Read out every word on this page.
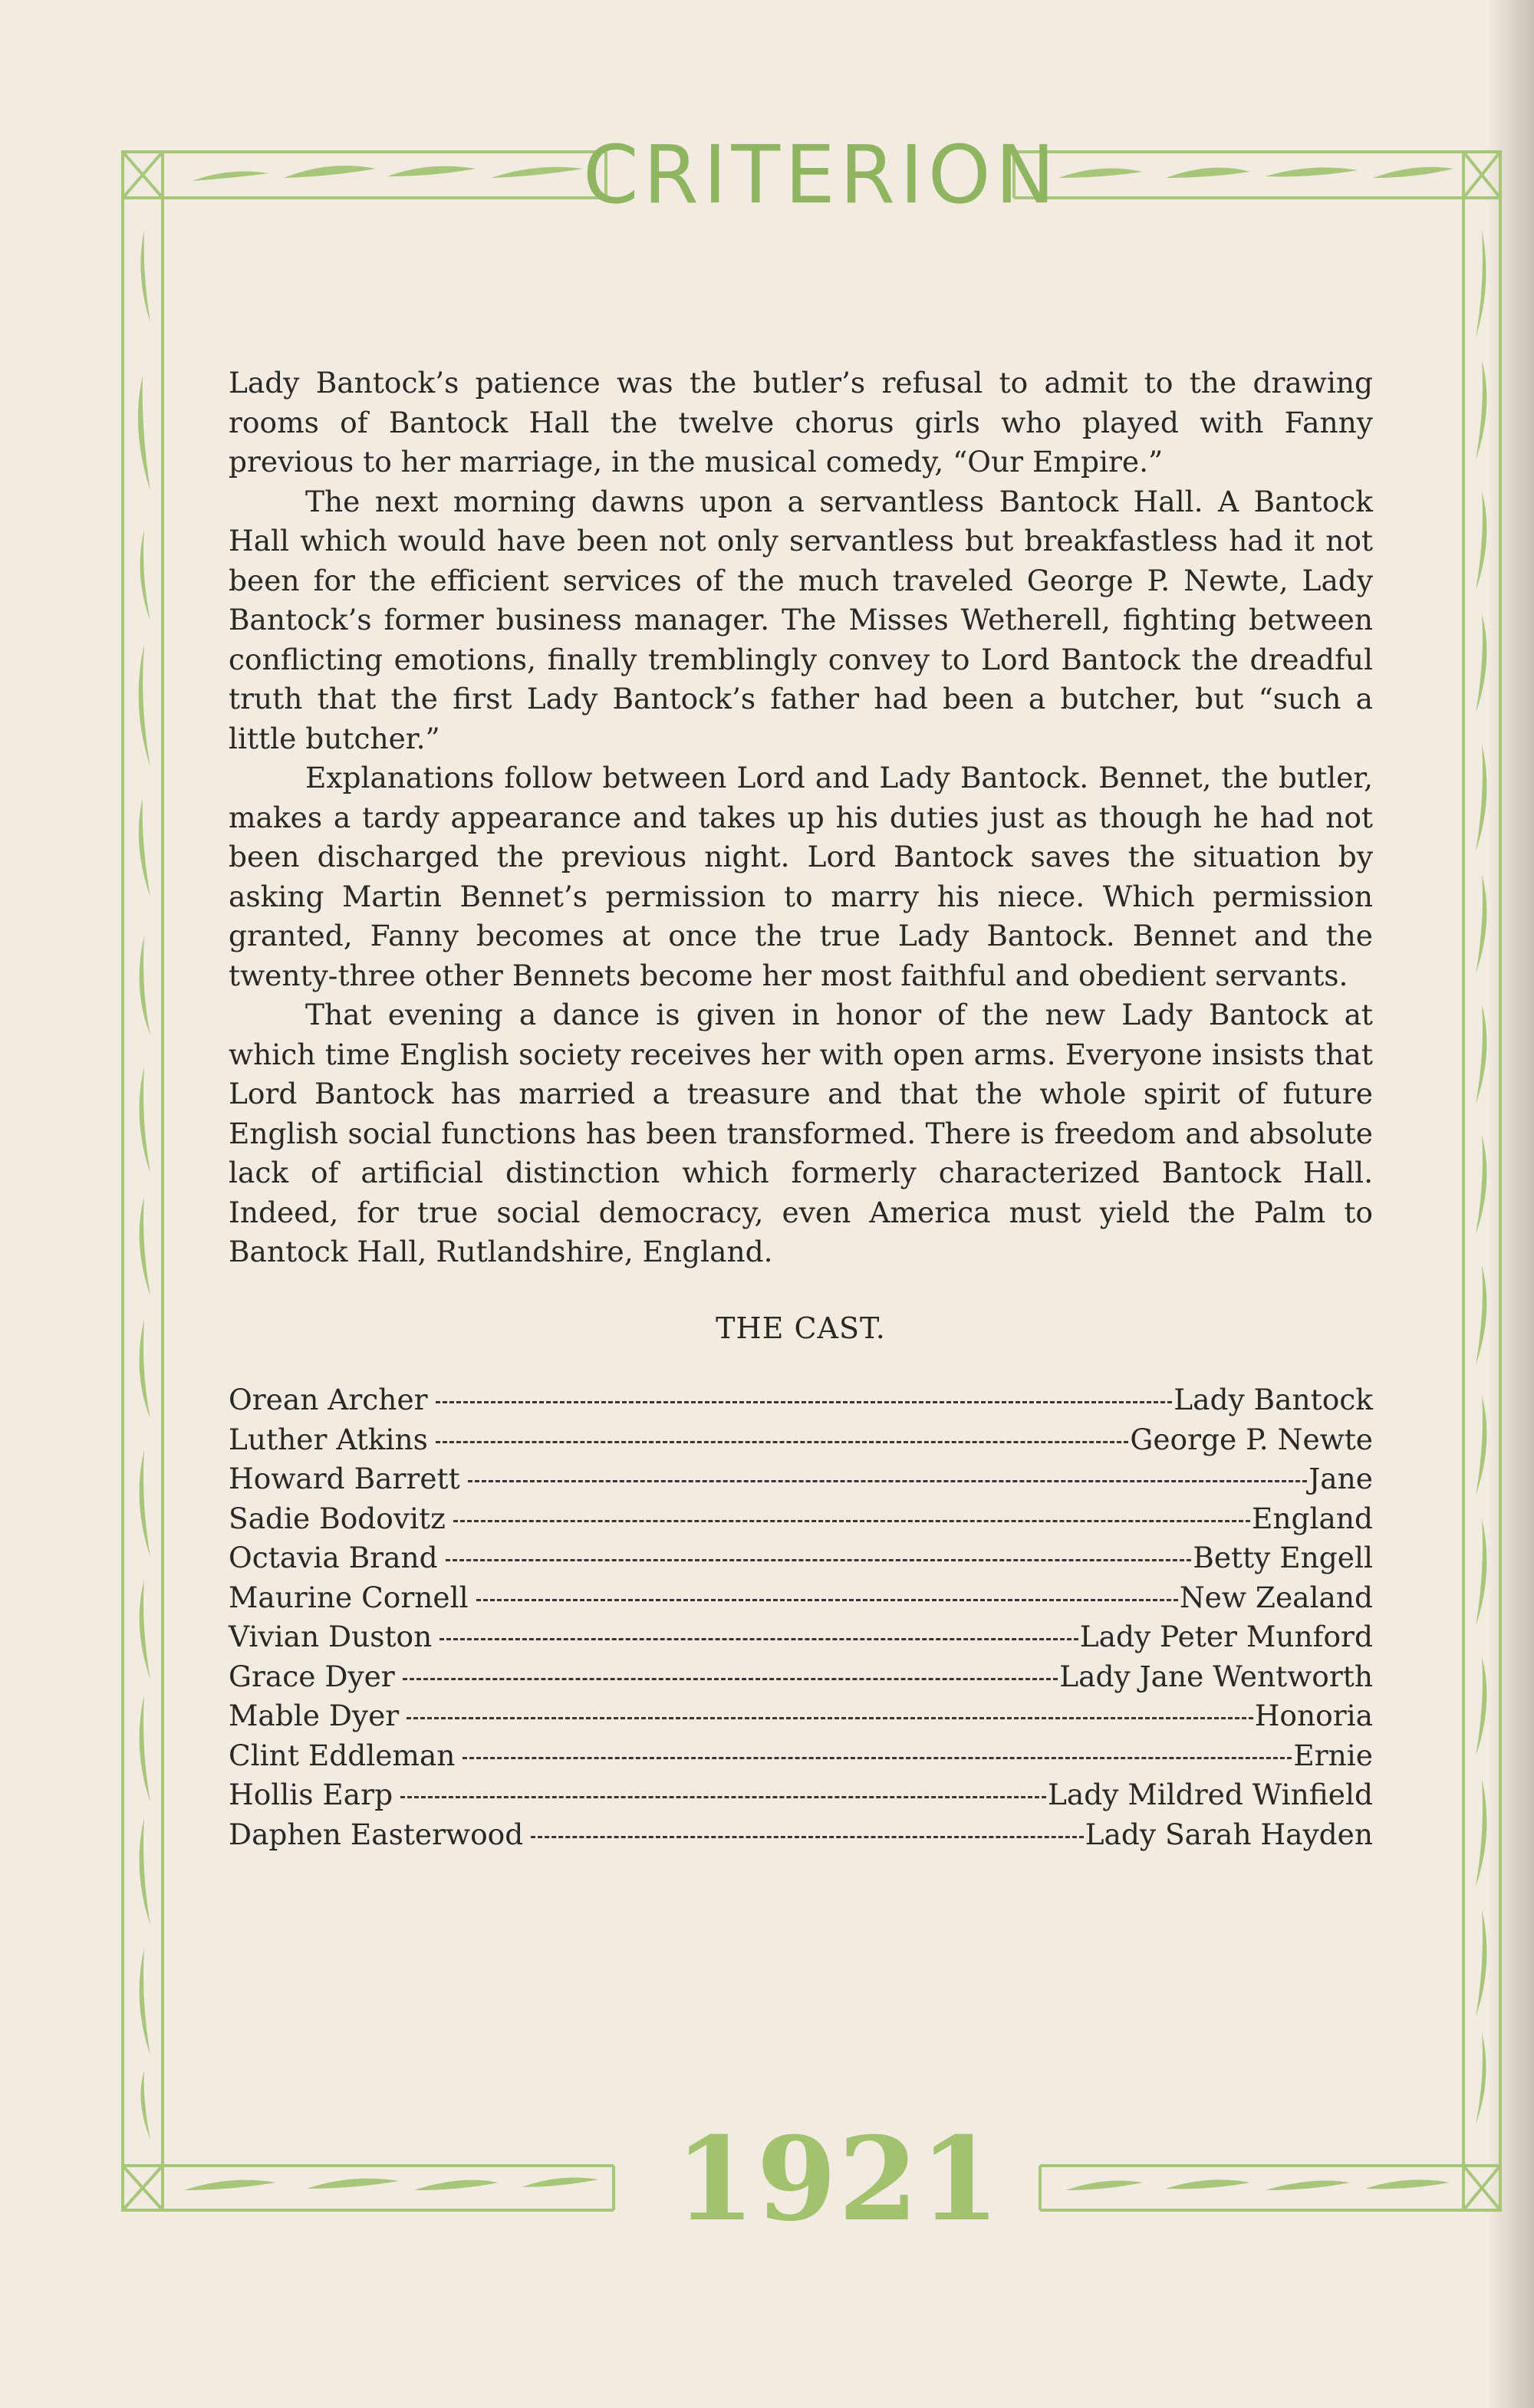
CRITERION

Lady Bantock’s patience was the butler’s refusal to admit to the drawing rooms of Bantock Hall the twelve chorus girls who played with Fanny previous to her marriage, in the musical comedy, “Our Empire.”

The next morning dawns upon a servantless Bantock Hall. A Bantock Hall which would have been not only servantless but breakfastless had it not been for the efficient services of the much traveled George P. Newte, Lady Bantock’s former business manager. The Misses Wetherell, fighting between conflicting emotions, finally tremblingly convey to Lord Bantock the dreadful truth that the first Lady Bantock’s father had been a butcher, but “such a little butcher.”

Explanations follow between Lord and Lady Bantock. Bennet, the butler, makes a tardy appearance and takes up his duties just as though he had not been discharged the previous night. Lord Bantock saves the situation by asking Martin Bennet’s permission to marry his niece. Which permission granted, Fanny becomes at once the true Lady Bantock. Bennet and the twenty-three other Bennets become her most faithful and obedient servants.

That evening a dance is given in honor of the new Lady Bantock at which time English society receives her with open arms. Everyone insists that Lord Bantock has married a treasure and that the whole spirit of future English social functions has been transformed. There is freedom and absolute lack of artificial distinction which formerly characterized Bantock Hall. Indeed, for true social democracy, even America must yield the Palm to Bantock Hall, Rutlandshire, England.

THE CAST.
Orean Archer	Lady Bantock
Luther Atkins	George P. Newte
Howard Barrett	Jane
Sadie Bodovitz	England
Octavia Brand	Betty Engell
Maurine Cornell	New Zealand
Vivian Duston	Lady Peter Munford
Grace Dyer	Lady Jane Wentworth
Mable Dyer	Honoria
Clint Eddleman	Ernie
Hollis Earp	Lady Mildred Winfield
Daphen Easterwood	Lady Sarah Hayden
1921
